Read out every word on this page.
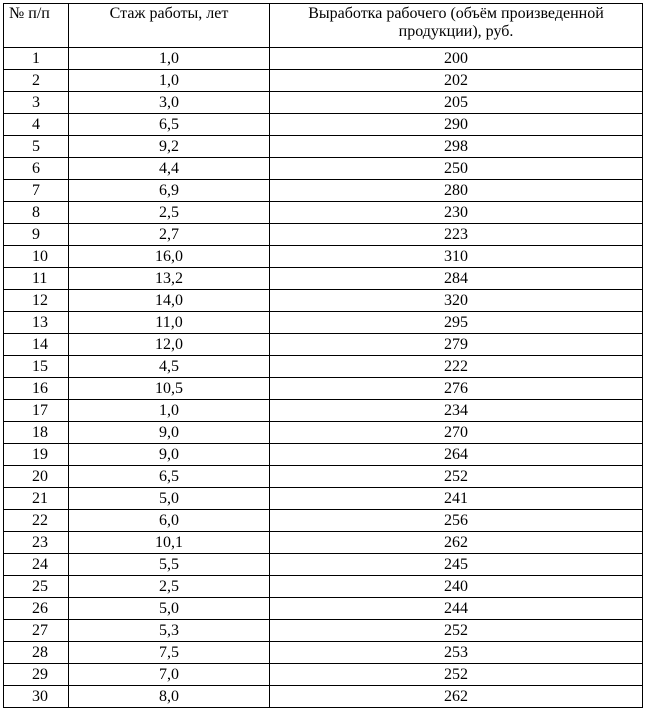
№ п/п	Стаж работы, лет	Выработка рабочего (объём произведенной продукции), руб.
1	1,0	200
2	1,0	202
3	3,0	205
4	6,5	290
5	9,2	298
6	4,4	250
7	6,9	280
8	2,5	230
9	2,7	223
10	16,0	310
11	13,2	284
12	14,0	320
13	11,0	295
14	12,0	279
15	4,5	222
16	10,5	276
17	1,0	234
18	9,0	270
19	9,0	264
20	6,5	252
21	5,0	241
22	6,0	256
23	10,1	262
24	5,5	245
25	2,5	240
26	5,0	244
27	5,3	252
28	7,5	253
29	7,0	252
30	8,0	262
